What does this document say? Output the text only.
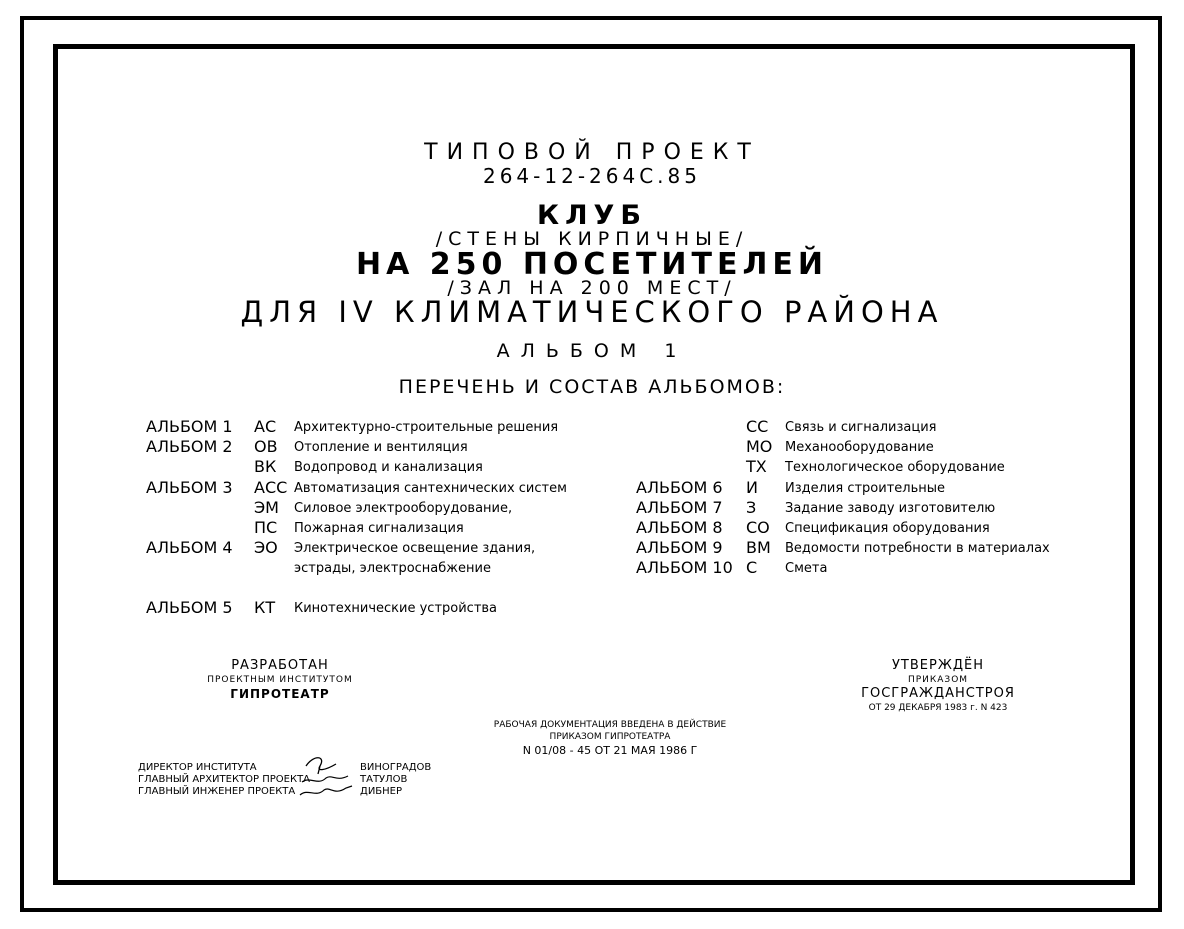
ТИПОВОЙ ПРОЕКТ
264-12-264С.85
КЛУБ
/СТЕНЫ КИРПИЧНЫЕ/
НА 250 ПОСЕТИТЕЛЕЙ
/ЗАЛ НА 200 МЕСТ/
ДЛЯ IV КЛИМАТИЧЕСКОГО РАЙОНА
АЛЬБОМ 1
ПЕРЕЧЕНЬ И СОСТАВ АЛЬБОМОВ:
АЛЬБОМ 1 АС Архитектурно-строительные решения
АЛЬБОМ 2 ОВ Отопление и вентиляция
ВК Водопровод и канализация
АЛЬБОМ 3 АСС Автоматизация сантехнических систем
ЭМ Силовое электрооборудование,
ПС Пожарная сигнализация
АЛЬБОМ 4 ЭО Электрическое освещение здания,
эстрады, электроснабжение
АЛЬБОМ 5 КТ Кинотехнические устройства
СС Связь и сигнализация
МО Механооборудование
ТХ Технологическое оборудование
АЛЬБОМ 6 И Изделия строительные
АЛЬБОМ 7 З Задание заводу изготовителю
АЛЬБОМ 8 СО Спецификация оборудования
АЛЬБОМ 9 ВМ Ведомости потребности в материалах
АЛЬБОМ 10 С Смета
РАЗРАБОТАН
ПРОЕКТНЫМ ИНСТИТУТОМ
ГИПРОТЕАТР
УТВЕРЖДЁН
ПРИКАЗОМ
ГОСГРАЖДАНСТРОЯ
ОТ 29 ДЕКАБРЯ 1983 г. N 423
РАБОЧАЯ ДОКУМЕНТАЦИЯ ВВЕДЕНА В ДЕЙСТВИЕ
ПРИКАЗОМ ГИПРОТЕАТРА
N 01/08 - 45 ОТ 21 МАЯ 1986 Г
ДИРЕКТОР ИНСТИТУТА
ГЛАВНЫЙ АРХИТЕКТОР ПРОЕКТА
ГЛАВНЫЙ ИНЖЕНЕР ПРОЕКТА
ВИНОГРАДОВ
ТАТУЛОВ
ДИБНЕР
